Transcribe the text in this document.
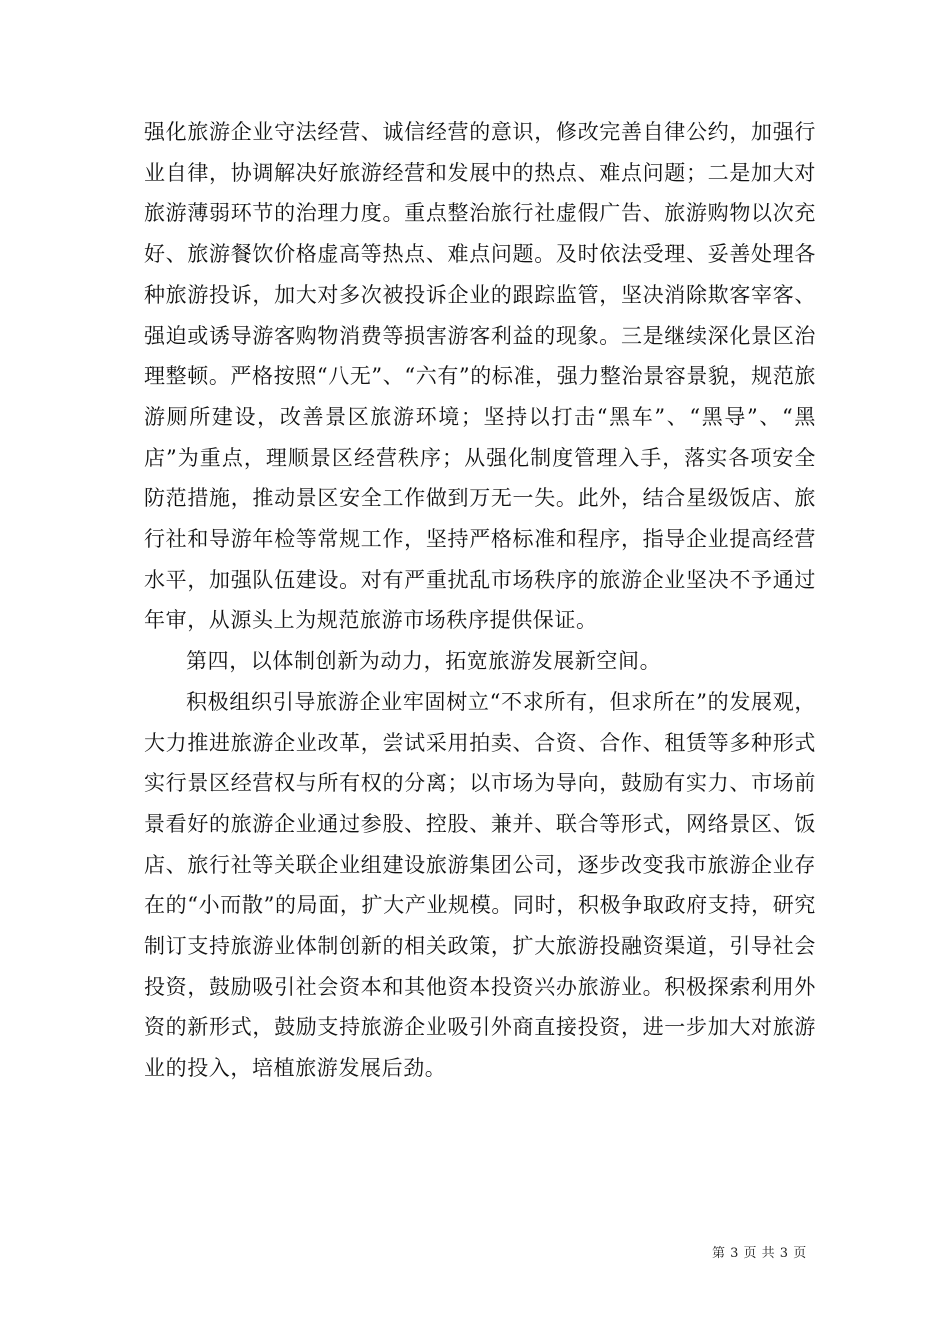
强化旅游企业守法经营、诚信经营的意识，修改完善自律公约，加强行业自律，协调解决好旅游经营和发展中的热点、难点问题；二是加大对旅游薄弱环节的治理力度。重点整治旅行社虚假广告、旅游购物以次充好、旅游餐饮价格虚高等热点、难点问题。及时依法受理、妥善处理各种旅游投诉，加大对多次被投诉企业的跟踪监管，坚决消除欺客宰客、强迫或诱导游客购物消费等损害游客利益的现象。三是继续深化景区治理整顿。严格按照“八无”、“六有”的标准，强力整治景容景貌，规范旅游厕所建设，改善景区旅游环境；坚持以打击“黑车”、“黑导”、“黑店”为重点，理顺景区经营秩序；从强化制度管理入手，落实各项安全防范措施，推动景区安全工作做到万无一失。此外，结合星级饭店、旅行社和导游年检等常规工作，坚持严格标准和程序，指导企业提高经营水平，加强队伍建设。对有严重扰乱市场秩序的旅游企业坚决不予通过年审，从源头上为规范旅游市场秩序提供保证。

第四，以体制创新为动力，拓宽旅游发展新空间。

积极组织引导旅游企业牢固树立“不求所有，但求所在”的发展观，大力推进旅游企业改革，尝试采用拍卖、合资、合作、租赁等多种形式实行景区经营权与所有权的分离；以市场为导向，鼓励有实力、市场前景看好的旅游企业通过参股、控股、兼并、联合等形式，网络景区、饭店、旅行社等关联企业组建设旅游集团公司，逐步改变我市旅游企业存在的“小而散”的局面，扩大产业规模。同时，积极争取政府支持，研究制订支持旅游业体制创新的相关政策，扩大旅游投融资渠道，引导社会投资，鼓励吸引社会资本和其他资本投资兴办旅游业。积极探索利用外资的新形式，鼓励支持旅游企业吸引外商直接投资，进一步加大对旅游业的投入，培植旅游发展后劲。

第 3 页 共 3 页
